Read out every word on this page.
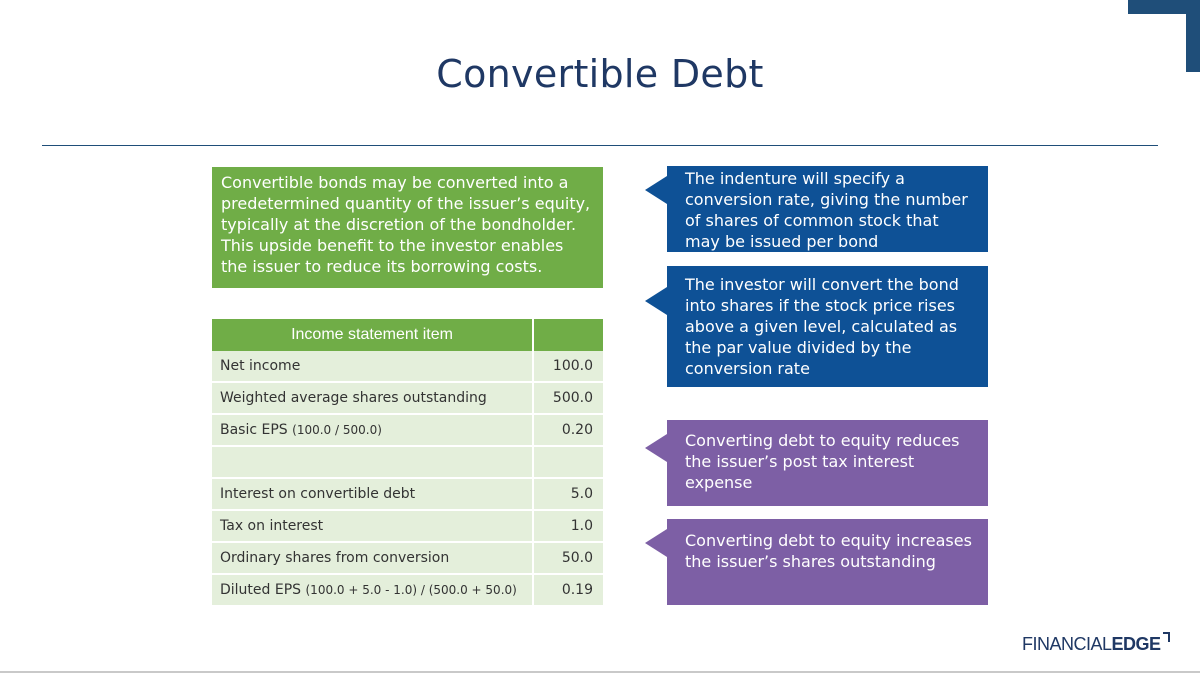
Convertible Debt
Convertible bonds may be converted into a predetermined quantity of the issuer’s equity, typically at the discretion of the bondholder. This upside benefit to the investor enables the issuer to reduce its borrowing costs.
Income statement item	
Net income	100.0
Weighted average shares outstanding	500.0
Basic EPS (100.0 / 500.0)	0.20

Interest on convertible debt	5.0
Tax on interest	1.0
Ordinary shares from conversion	50.0
Diluted EPS (100.0 + 5.0 - 1.0) / (500.0 + 50.0)	0.19
The indenture will specify a conversion rate, giving the number of shares of common stock that may be issued per bond
The investor will convert the bond into shares if the stock price rises above a given level, calculated as the par value divided by the conversion rate
Converting debt to equity reduces the issuer’s post tax interest expense
Converting debt to equity increases the issuer’s shares outstanding
FINANCIALEDGE
